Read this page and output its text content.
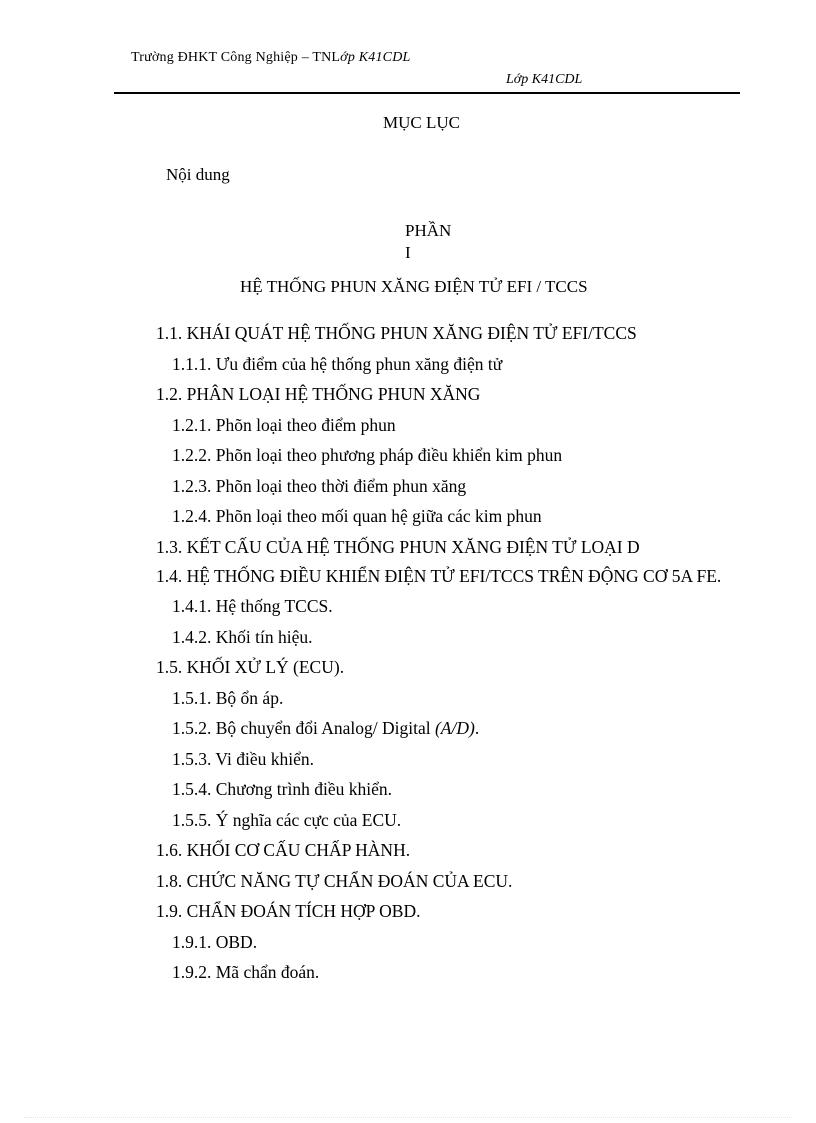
Trường ĐHKT Công Nghiệp – TNLớp K41CDL
Lớp K41CDL
MỤC LỤC
Nội dung
PHẦN
I
HỆ THỐNG PHUN XĂNG ĐIỆN TỬ EFI / TCCS
1.1. KHÁI QUÁT HỆ THỐNG PHUN XĂNG ĐIỆN TỬ EFI/TCCS
1.1.1. Ưu điểm của hệ thống phun xăng điện tử
1.2. PHÂN LOẠI HỆ THỐNG PHUN XĂNG
1.2.1. Phõn loại theo điểm phun
1.2.2. Phõn loại theo phương pháp điều khiển kim phun
1.2.3. Phõn loại theo thời điểm phun xăng
1.2.4. Phõn loại theo mối quan hệ giữa các kim phun
1.3. KẾT CẤU CỦA HỆ THỐNG PHUN XĂNG ĐIỆN TỬ LOẠI D
1.4. HỆ THỐNG ĐIỀU KHIỂN ĐIỆN TỬ EFI/TCCS TRÊN ĐỘNG CƠ 5A FE.
1.4.1. Hệ thống TCCS.
1.4.2. Khối tín hiệu.
1.5. KHỐI XỬ LÝ (ECU).
1.5.1. Bộ ổn áp.
1.5.2. Bộ chuyển đổi Analog/ Digital (A/D).
1.5.3. Vi điều khiển.
1.5.4. Chương trình điều khiển.
1.5.5. Ý nghĩa các cực của ECU.
1.6. KHỐI CƠ CẤU CHẤP HÀNH.
1.8. CHỨC NĂNG TỰ CHẨN ĐOÁN CỦA ECU.
1.9. CHẨN ĐOÁN TÍCH HỢP OBD.
1.9.1. OBD.
1.9.2. Mã chẩn đoán.
